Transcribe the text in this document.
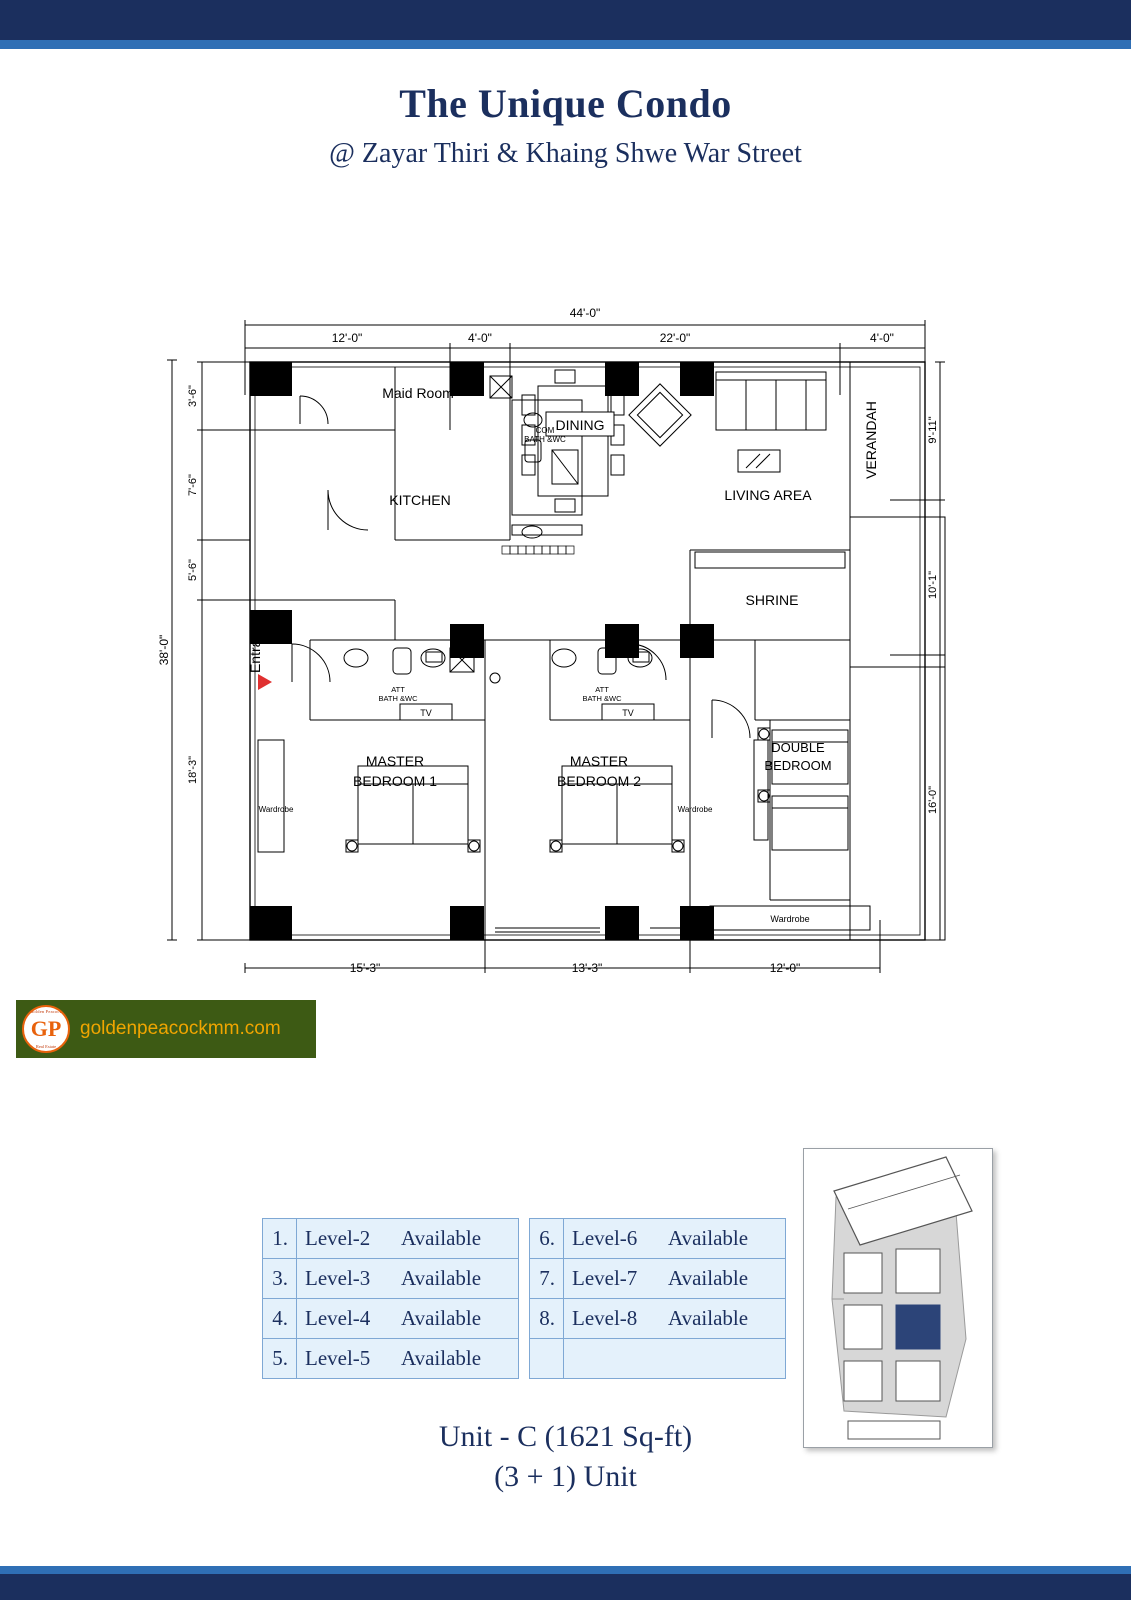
The Unique Condo
@ Zayar Thiri & Khaing Shwe War Street
44'-0"
12'-0"	4'-0"	22'-0"	4'-0"
38'-0"
3'-6"
7'-6"
5'-6"
18'-3"
9'-11"
10'-1"
16'-0"
15'-3"	13'-3"	12'-0"
Maid Room
KITCHEN
COM
BATH &WC
DINING
LIVING AREA
VERANDAH
SHRINE
Entrance
ATT
BATH &WC
ATT
BATH &WC
TV	TV
MASTER
BEDROOM 1
MASTER
BEDROOM 2
DOUBLE
BEDROOM
Wardrobe	Wardrobe
Wardrobe
Golden Peacock
GP
Real Estate
goldenpeacockmm.com
1.	Level-2 Available
3.	Level-3 Available
4.	Level-4 Available
5.	Level-5 Available
6.	Level-6 Available
7.	Level-7 Available
8.	Level-8 Available

Unit - C (1621 Sq-ft)
(3 + 1) Unit
